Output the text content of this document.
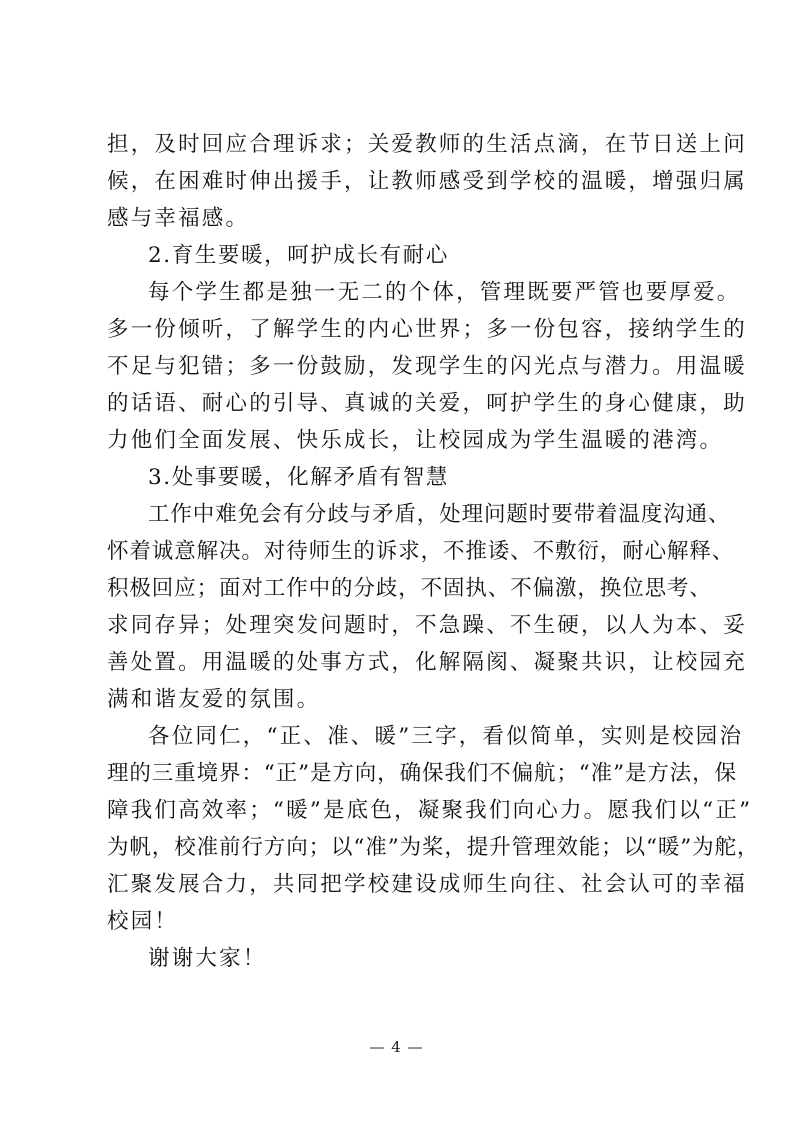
担，及时回应合理诉求；关爱教师的生活点滴，在节日送上问
候，在困难时伸出援手，让教师感受到学校的温暖，增强归属
感与幸福感。
2.育生要暖，呵护成长有耐心
每个学生都是独一无二的个体，管理既要严管也要厚爱。
多一份倾听，了解学生的内心世界；多一份包容，接纳学生的
不足与犯错；多一份鼓励，发现学生的闪光点与潜力。用温暖
的话语、耐心的引导、真诚的关爱，呵护学生的身心健康，助
力他们全面发展、快乐成长，让校园成为学生温暖的港湾。
3.处事要暖，化解矛盾有智慧
工作中难免会有分歧与矛盾，处理问题时要带着温度沟通、
怀着诚意解决。对待师生的诉求，不推诿、不敷衍，耐心解释、
积极回应；面对工作中的分歧，不固执、不偏激，换位思考、
求同存异；处理突发问题时，不急躁、不生硬，以人为本、妥
善处置。用温暖的处事方式，化解隔阂、凝聚共识，让校园充
满和谐友爱的氛围。
各位同仁，“正、准、暖”三字，看似简单，实则是校园治
理的三重境界：“正”是方向，确保我们不偏航；“准”是方法，保
障我们高效率；“暖”是底色，凝聚我们向心力。愿我们以“正”
为帆，校准前行方向；以“准”为桨，提升管理效能；以“暖”为舵，
汇聚发展合力，共同把学校建设成师生向往、社会认可的幸福
校园！
谢谢大家！
— 4 —
